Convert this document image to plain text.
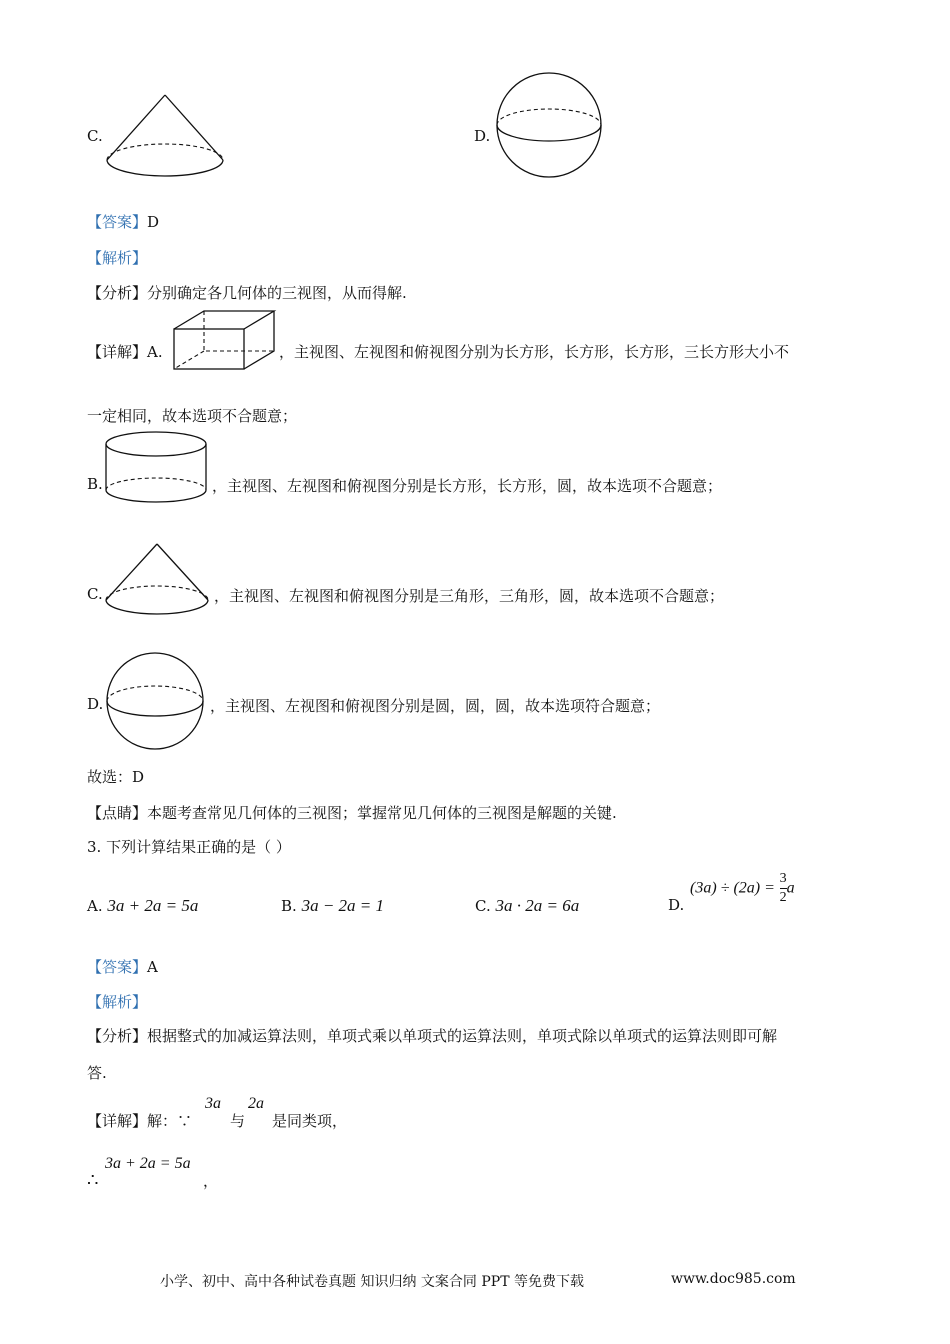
C.	D.
【答案】D
【解析】
【分析】分别确定各几何体的三视图，从而得解.
【详解】A.	，主视图、左视图和俯视图分别为长方形，长方形，长方形，三长方形大小不
一定相同，故本选项不合题意；
B.	，主视图、左视图和俯视图分别是长方形，长方形，圆，故本选项不合题意；
C.	，主视图、左视图和俯视图分别是三角形，三角形，圆，故本选项不合题意；
D.	，主视图、左视图和俯视图分别是圆，圆，圆，故本选项符合题意；
故选：D
【点睛】本题考查常见几何体的三视图；掌握常见几何体的三视图是解题的关键.
3. 下列计算结果正确的是（ ）
A. 3a + 2a = 5a	B. 3a − 2a = 1	C. 3a · 2a = 6a	D.
$(3a) \div (2a) = \frac{3}{2}$ a
【答案】A
【解析】
【分析】根据整式的加减运算法则，单项式乘以单项式的运算法则，单项式除以单项式的运算法则即可解
答.
【详解】解：∵
3a
与
2a
是同类项，
∴
3a + 2a = 5a
，
小学、初中、高中各种试卷真题 知识归纳 文案合同 PPT 等免费下载	www.doc985.com
